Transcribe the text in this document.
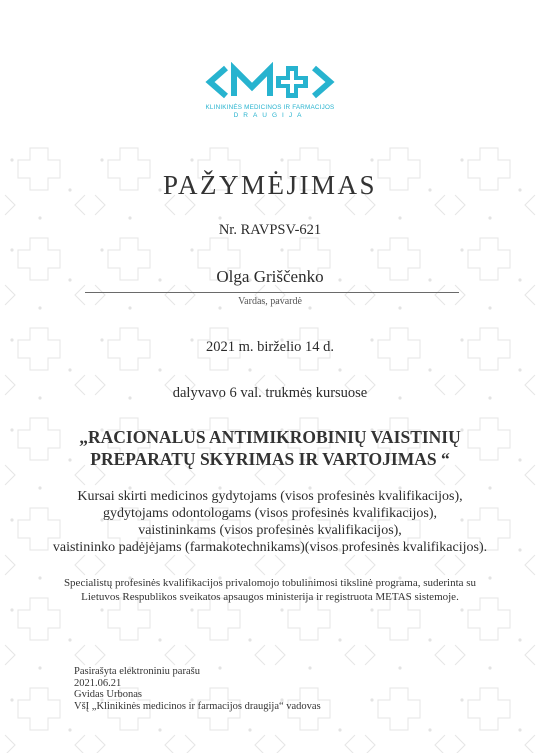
KLINIKINĖS MEDICINOS IR FARMACIJOS
DRAUGIJA
PAŽYMĖJIMAS
Nr. RAVPSV-621
Olga Griščenko
Vardas, pavardė
2021 m. birželio 14 d.
dalyvavo 6 val. trukmės kursuose
„RACIONALUS ANTIMIKROBINIŲ VAISTINIŲ
PREPARATŲ SKYRIMAS IR VARTOJIMAS “
Kursai skirti medicinos gydytojams (visos profesinės kvalifikacijos),
gydytojams odontologams (visos profesinės kvalifikacijos),
vaistininkams (visos profesinės kvalifikacijos),
vaistininko padėjėjams (farmakotechnikams)(visos profesinės kvalifikacijos).
Specialistų profesinės kvalifikacijos privalomojo tobulinimosi tikslinė programa, suderinta su
Lietuvos Respublikos sveikatos apsaugos ministerija ir registruota METAS sistemoje.
Pasirašyta elektroniniu parašu
2021.06.21
Gvidas Urbonas
VšĮ „Klinikinės medicinos ir farmacijos draugija“ vadovas
